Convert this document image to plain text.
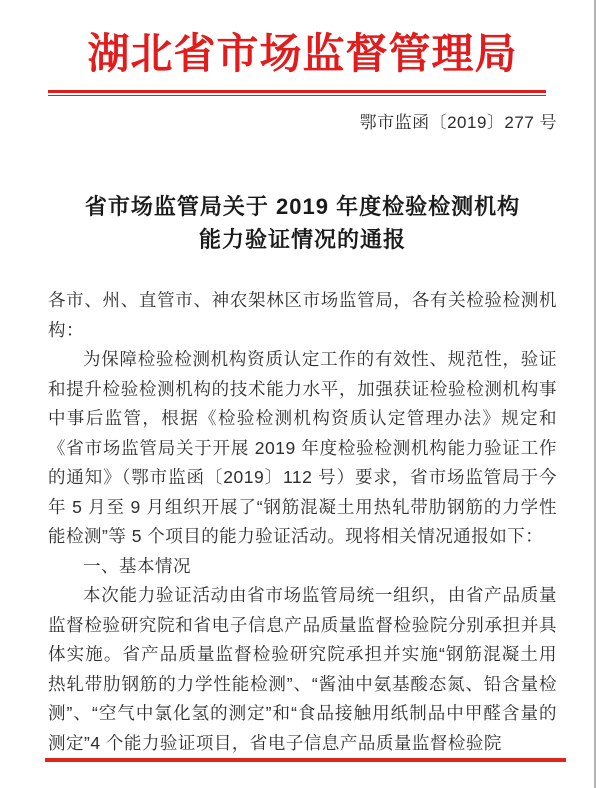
湖北省市场监督管理局
鄂市监函〔2019〕277 号
省市场监管局关于 2019 年度检验检测机构
能力验证情况的通报

各市、州、直管市、神农架林区市场监管局，各有关检验检测机构：

为保障检验检测机构资质认定工作的有效性、规范性，验证和提升检验检测机构的技术能力水平，加强获证检验检测机构事中事后监管，根据《检验检测机构资质认定管理办法》规定和《省市场监管局关于开展 2019 年度检验检测机构能力验证工作的通知》（鄂市监函〔2019〕112 号）要求，省市场监管局于今年 5 月至 9 月组织开展了“钢筋混凝土用热轧带肋钢筋的力学性能检测”等 5 个项目的能力验证活动。现将相关情况通报如下：

一、基本情况

本次能力验证活动由省市场监管局统一组织，由省产品质量监督检验研究院和省电子信息产品质量监督检验院分别承担并具体实施。省产品质量监督检验研究院承担并实施“钢筋混凝土用热轧带肋钢筋的力学性能检测”、“酱油中氨基酸态氮、铅含量检测”、“空气中氯化氢的测定”和“食品接触用纸制品中甲醛含量的测定”4 个能力验证项目，省电子信息产品质量监督检验院
